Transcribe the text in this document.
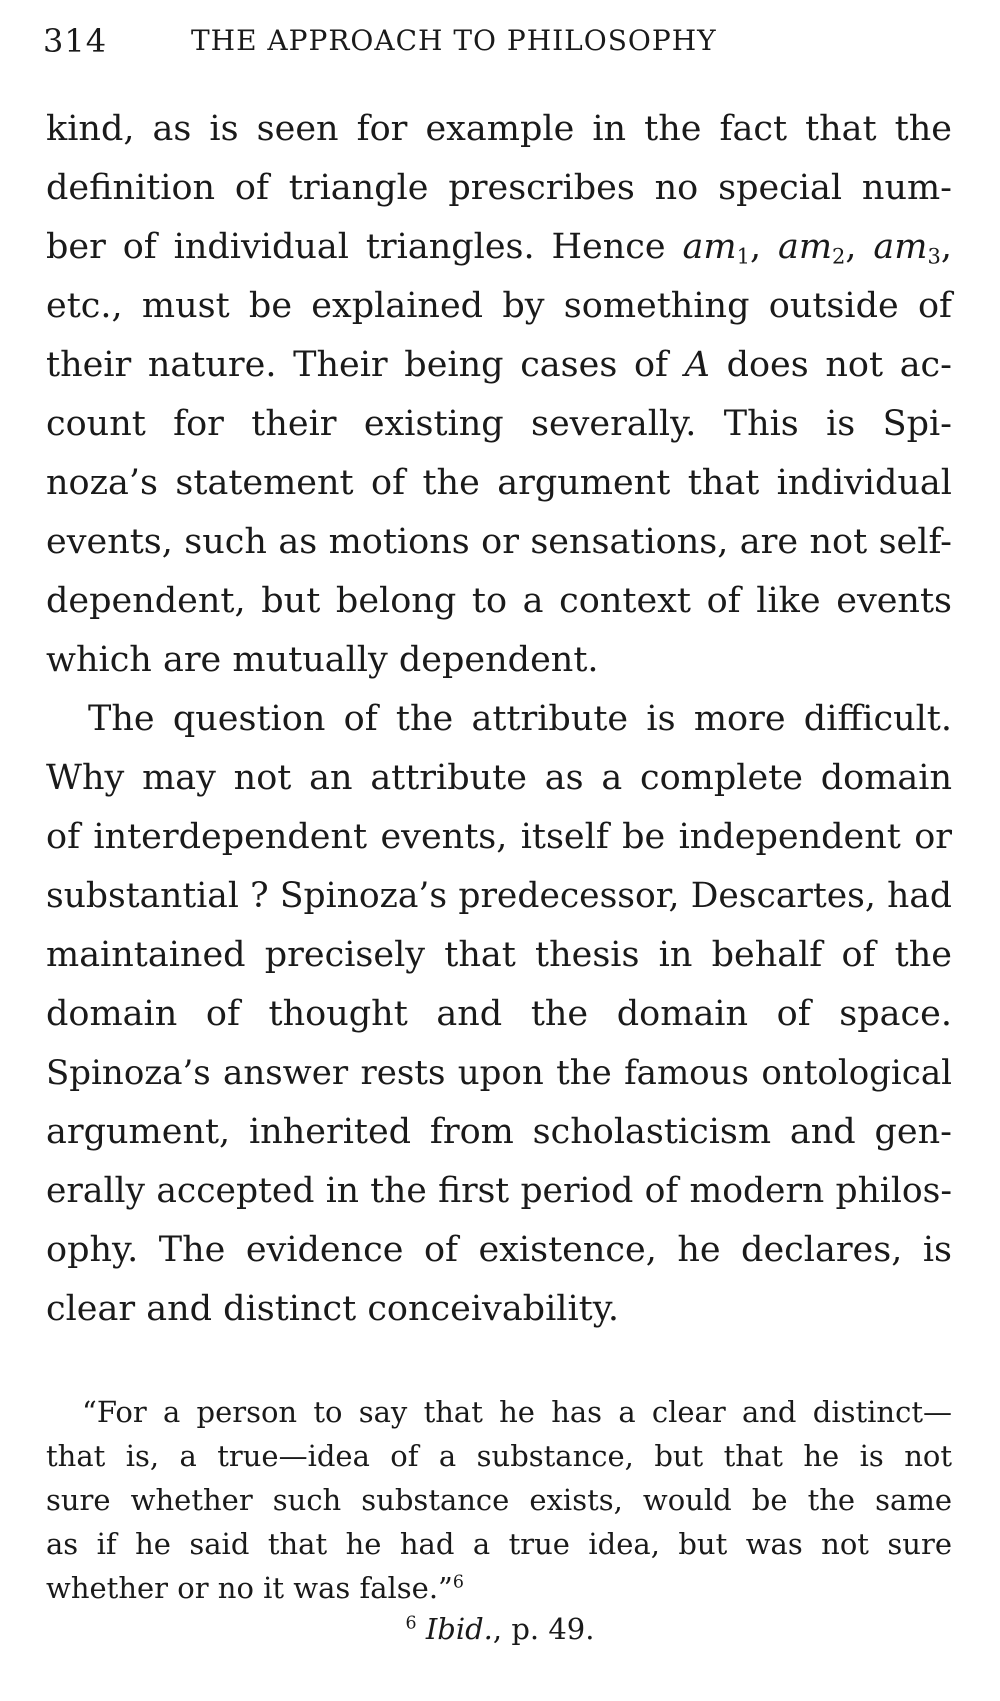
314	THE APPROACH TO PHILOSOPHY
kind, as is seen for example in the fact that the
definition of triangle prescribes no special num-
ber of individual triangles. Hence $am_1$, $am_2$, $am_3$,
etc., must be explained by something outside of
their nature. Their being cases of A does not ac-
count for their existing severally. This is Spi-
noza’s statement of the argument that individual
events, such as motions or sensations, are not self-
dependent, but belong to a context of like events
which are mutually dependent.
The question of the attribute is more difficult.
Why may not an attribute as a complete domain
of interdependent events, itself be independent or
substantial ? Spinoza’s predecessor, Descartes, had
maintained precisely that thesis in behalf of the
domain of thought and the domain of space.
Spinoza’s answer rests upon the famous ontological
argument, inherited from scholasticism and gen-
erally accepted in the first period of modern philos-
ophy. The evidence of existence, he declares, is
clear and distinct conceivability.
“For a person to say that he has a clear and distinct—
that is, a true—idea of a substance, but that he is not
sure whether such substance exists, would be the same
as if he said that he had a true idea, but was not sure
whether or no it was false.”$^6$
$^6$ Ibid., p. 49.
